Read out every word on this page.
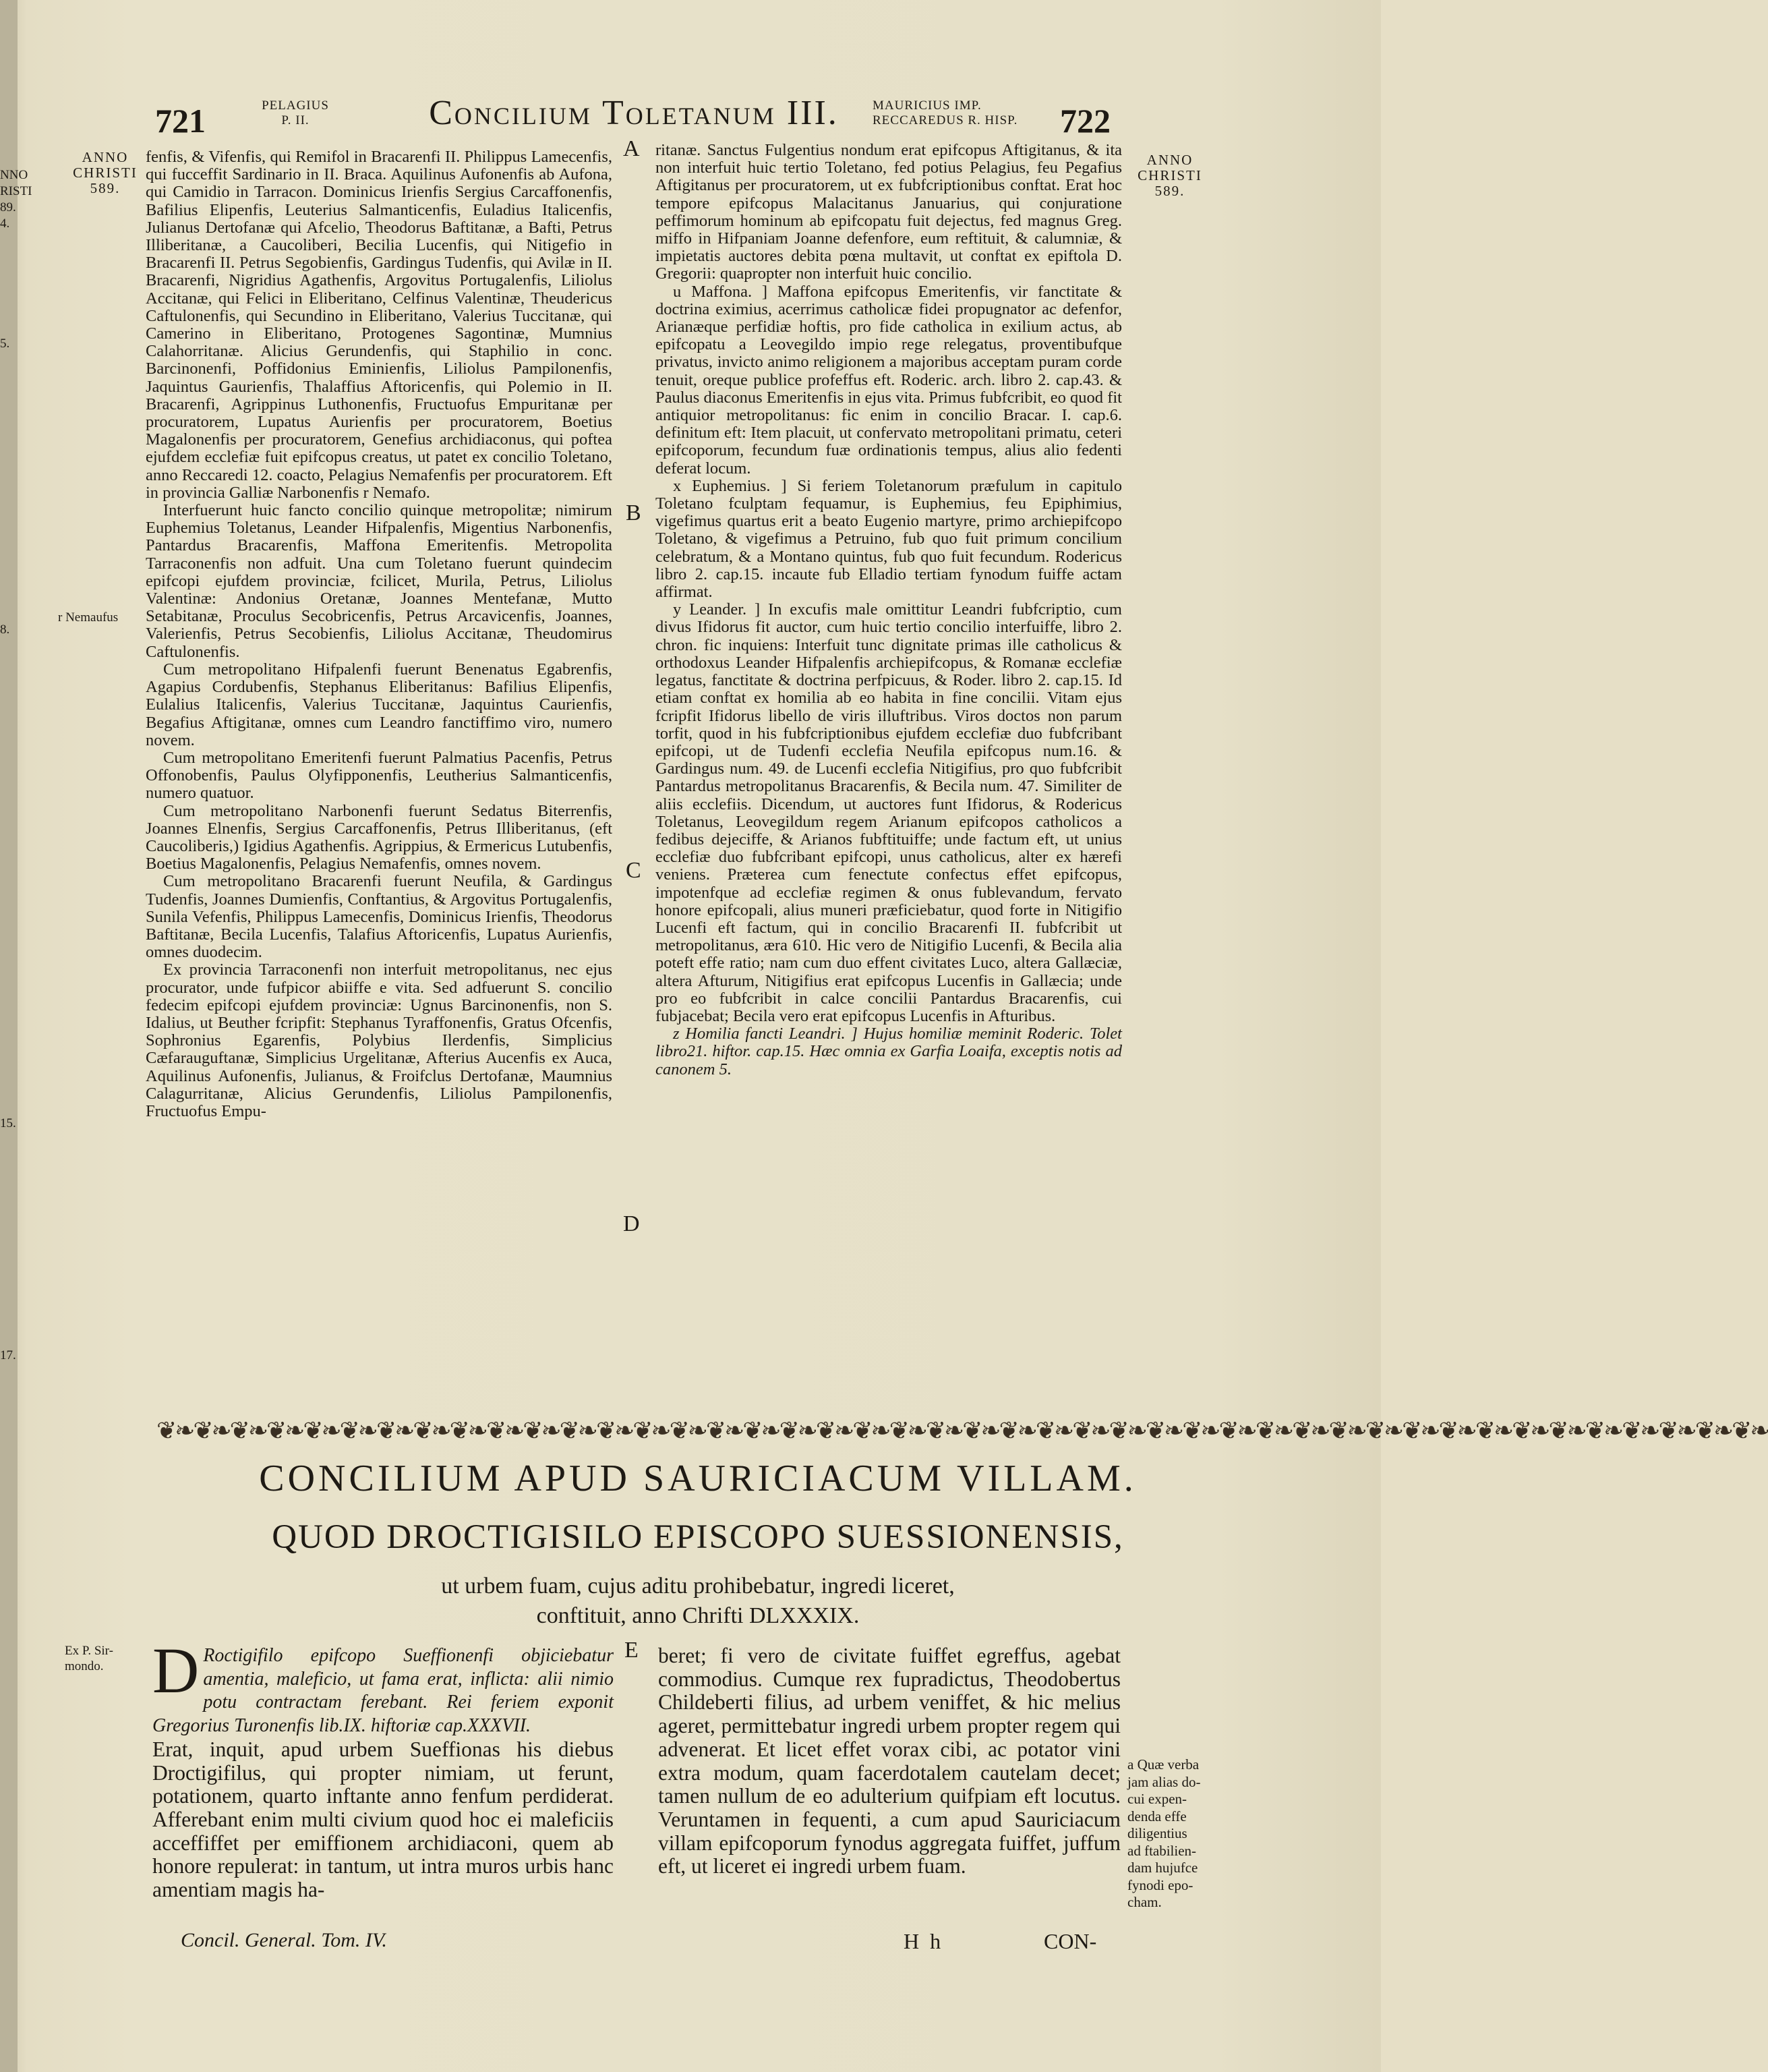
NNO
RISTI
89.
4.
5.
8.
15.
17.
721	PELAGIUS
P. II.	Concilium Toletanum III.	MAURICIUS IMP.
RECCAREDUS R. HISP.	722
ANNO
CHRISTI
589.
ANNO
CHRISTI
589.
r Nemaufus
A
B
C
D

fenfis, & Vifenfis, qui Remifol in Bracarenfi II. Philippus Lamecenfis, qui fucceffit Sardinario in II. Braca. Aquilinus Aufonenfis ab Aufona, qui Camidio in Tarracon. Dominicus Irienfis Sergius Carcaffonenfis, Bafilius Elipenfis, Leuterius Salmanticenfis, Euladius Italicenfis, Julianus Dertofanæ qui Afcelio, Theodorus Baftitanæ, a Bafti, Petrus Illiberitanæ, a Caucoliberi, Becilia Lucenfis, qui Nitigefio in Bracarenfi II. Petrus Segobienfis, Gardingus Tudenfis, qui Avilæ in II. Bracarenfi, Nigridius Agathenfis, Argovitus Portugalenfis, Liliolus Accitanæ, qui Felici in Eliberitano, Celfinus Valentinæ, Theudericus Caftulonenfis, qui Secundino in Eliberitano, Valerius Tuccitanæ, qui Camerino in Eliberitano, Protogenes Sagontinæ, Mumnius Calahorritanæ. Alicius Gerundenfis, qui Staphilio in conc. Barcinonenfi, Poffidonius Eminienfis, Liliolus Pampilonenfis, Jaquintus Gaurienfis, Thalaffius Aftoricenfis, qui Polemio in II. Bracarenfi, Agrippinus Luthonenfis, Fructuofus Empuritanæ per procuratorem, Lupatus Aurienfis per procuratorem, Boetius Magalonenfis per procuratorem, Genefius archidiaconus, qui poftea ejufdem ecclefiæ fuit epifcopus creatus, ut patet ex concilio Toletano, anno Reccaredi 12. coacto, Pelagius Nemafenfis per procuratorem. Eft in provincia Galliæ Narbonenfis r Nemafo.

Interfuerunt huic fancto concilio quinque metropolitæ; nimirum Euphemius Toletanus, Leander Hifpalenfis, Migentius Narbonenfis, Pantardus Bracarenfis, Maffona Emeritenfis. Metropolita Tarraconenfis non adfuit. Una cum Toletano fuerunt quindecim epifcopi ejufdem provinciæ, fcilicet, Murila, Petrus, Liliolus Valentinæ: Andonius Oretanæ, Joannes Mentefanæ, Mutto Setabitanæ, Proculus Secobricenfis, Petrus Arcavicenfis, Joannes, Valerienfis, Petrus Secobienfis, Liliolus Accitanæ, Theudomirus Caftulonenfis.

Cum metropolitano Hifpalenfi fuerunt Benenatus Egabrenfis, Agapius Cordubenfis, Stephanus Eliberitanus: Bafilius Elipenfis, Eulalius Italicenfis, Valerius Tuccitanæ, Jaquintus Caurienfis, Begafius Aftigitanæ, omnes cum Leandro fanctiffimo viro, numero novem.

Cum metropolitano Emeritenfi fuerunt Palmatius Pacenfis, Petrus Offonobenfis, Paulus Olyfipponenfis, Leutherius Salmanticenfis, numero quatuor.

Cum metropolitano Narbonenfi fuerunt Sedatus Biterrenfis, Joannes Elnenfis, Sergius Carcaffonenfis, Petrus Illiberitanus, (eft Caucoliberis,) Igidius Agathenfis. Agrippius, & Ermericus Lutubenfis, Boetius Magalonenfis, Pelagius Nemafenfis, omnes novem.

Cum metropolitano Bracarenfi fuerunt Neufila, & Gardingus Tudenfis, Joannes Dumienfis, Conftantius, & Argovitus Portugalenfis, Sunila Vefenfis, Philippus Lamecenfis, Dominicus Irienfis, Theodorus Baftitanæ, Becila Lucenfis, Talafius Aftoricenfis, Lupatus Aurienfis, omnes duodecim.

Ex provincia Tarraconenfi non interfuit metropolitanus, nec ejus procurator, unde fufpicor abiiffe e vita. Sed adfuerunt S. concilio fedecim epifcopi ejufdem provinciæ: Ugnus Barcinonenfis, non S. Idalius, ut Beuther fcripfit: Stephanus Tyraffonenfis, Gratus Ofcenfis, Sophronius Egarenfis, Polybius Ilerdenfis, Simplicius Cæfarauguftanæ, Simplicius Urgelitanæ, Afterius Aucenfis ex Auca, Aquilinus Aufonenfis, Julianus, & Froifclus Dertofanæ, Maumnius Calagurritanæ, Alicius Gerundenfis, Liliolus Pampilonenfis, Fructuofus Empu-

ritanæ. Sanctus Fulgentius nondum erat epifcopus Aftigitanus, & ita non interfuit huic tertio Toletano, fed potius Pelagius, feu Pegafius Aftigitanus per procuratorem, ut ex fubfcriptionibus conftat. Erat hoc tempore epifcopus Malacitanus Januarius, qui conjuratione peffimorum hominum ab epifcopatu fuit dejectus, fed magnus Greg. miffo in Hifpaniam Joanne defenfore, eum reftituit, & calumniæ, & impietatis auctores debita pœna multavit, ut conftat ex epiftola D. Gregorii: quapropter non interfuit huic concilio.

u Maffona. ] Maffona epifcopus Emeritenfis, vir fanctitate & doctrina eximius, acerrimus catholicæ fidei propugnator ac defenfor, Arianæque perfidiæ hoftis, pro fide catholica in exilium actus, ab epifcopatu a Leovegildo impio rege relegatus, proventibufque privatus, invicto animo religionem a majoribus acceptam puram corde tenuit, oreque publice profeffus eft. Roderic. arch. libro 2. cap.43. & Paulus diaconus Emeritenfis in ejus vita. Primus fubfcribit, eo quod fit antiquior metropolitanus: fic enim in concilio Bracar. I. cap.6. definitum eft: Item placuit, ut confervato metropolitani primatu, ceteri epifcoporum, fecundum fuæ ordinationis tempus, alius alio fedenti deferat locum.

x Euphemius. ] Si feriem Toletanorum præfulum in capitulo Toletano fculptam fequamur, is Euphemius, feu Epiphimius, vigefimus quartus erit a beato Eugenio martyre, primo archiepifcopo Toletano, & vigefimus a Petruino, fub quo fuit primum concilium celebratum, & a Montano quintus, fub quo fuit fecundum. Rodericus libro 2. cap.15. incaute fub Elladio tertiam fynodum fuiffe actam affirmat.

y Leander. ] In excufis male omittitur Leandri fubfcriptio, cum divus Ifidorus fit auctor, cum huic tertio concilio interfuiffe, libro 2. chron. fic inquiens: Interfuit tunc dignitate primas ille catholicus & orthodoxus Leander Hifpalenfis archiepifcopus, & Romanæ ecclefiæ legatus, fanctitate & doctrina perfpicuus, & Roder. libro 2. cap.15. Id etiam conftat ex homilia ab eo habita in fine concilii. Vitam ejus fcripfit Ifidorus libello de viris illuftribus. Viros doctos non parum torfit, quod in his fubfcriptionibus ejufdem ecclefiæ duo fubfcribant epifcopi, ut de Tudenfi ecclefia Neufila epifcopus num.16. & Gardingus num. 49. de Lucenfi ecclefia Nitigifius, pro quo fubfcribit Pantardus metropolitanus Bracarenfis, & Becila num. 47. Similiter de aliis ecclefiis. Dicendum, ut auctores funt Ifidorus, & Rodericus Toletanus, Leovegildum regem Arianum epifcopos catholicos a fedibus dejeciffe, & Arianos fubftituiffe; unde factum eft, ut unius ecclefiæ duo fubfcribant epifcopi, unus catholicus, alter ex hærefi veniens. Præterea cum fenectute confectus effet epifcopus, impotenfque ad ecclefiæ regimen & onus fublevandum, fervato honore epifcopali, alius muneri præficiebatur, quod forte in Nitigifio Lucenfi eft factum, qui in concilio Bracarenfi II. fubfcribit ut metropolitanus, æra 610. Hic vero de Nitigifio Lucenfi, & Becila alia poteft effe ratio; nam cum duo effent civitates Luco, altera Gallæciæ, altera Afturum, Nitigifius erat epifcopus Lucenfis in Gallæcia; unde pro eo fubfcribit in calce concilii Pantardus Bracarenfis, cui fubjacebat; Becila vero erat epifcopus Lucenfis in Afturibus.

z Homilia fancti Leandri. ] Hujus homiliæ meminit Roderic. Tolet libro21. hiftor. cap.15. Hæc omnia ex Garfia Loaifa, exceptis notis ad canonem 5.

❦❧❦❧❦❧❦❧❦❧❦❧❦❧❦❧❦❧❦❧❦❧❦❧❦❧❦❧❦❧❦❧❦❧❦❧❦❧❦❧❦❧❦❧❦❧❦❧❦❧❦❧❦❧❦❧❦❧❦❧❦❧❦❧❦❧❦❧❦❧❦❧❦❧❦❧❦❧❦❧❦❧❦❧❦❧❦❧
CONCILIUM APUD SAURICIACUM VILLAM.
QUOD DROCTIGISILO EPISCOPO SUESSIONENSIS,
ut urbem fuam, cujus aditu prohibebatur, ingredi liceret,
conftituit, anno Chrifti DLXXXIX.
Ex P. Sir-
mondo.
E
D Roctigifilo epifcopo Sueffionenfi objiciebatur amentia, maleficio, ut fama erat, inflicta: alii nimio potu contractam ferebant. Rei feriem exponit Gregorius Turonenfis lib.IX. hiftoriæ cap.XXXVII.

Erat, inquit, apud urbem Sueffionas his diebus Droctigifilus, qui propter nimiam, ut ferunt, potationem, quarto inftante anno fenfum perdiderat. Afferebant enim multi civium quod hoc ei maleficiis acceffiffet per emiffionem archidiaconi, quem ab honore repulerat: in tantum, ut intra muros urbis hanc amentiam magis ha-

beret; fi vero de civitate fuiffet egreffus, agebat commodius. Cumque rex fupradictus, Theodobertus Childeberti filius, ad urbem veniffet, & hic melius ageret, permittebatur ingredi urbem propter regem qui advenerat. Et licet effet vorax cibi, ac potator vini extra modum, quam facerdotalem cautelam decet; tamen nullum de eo adulterium quifpiam eft locutus. Veruntamen in fequenti, a cum apud Sauriciacum villam epifcoporum fynodus aggregata fuiffet, juffum eft, ut liceret ei ingredi urbem fuam.

a Quæ verba
jam alias do-
cui expen-
denda effe
diligentius
ad ftabilien-
dam hujufce
fynodi epo-
cham.
Concil. General. Tom. IV.	H h	CON-
